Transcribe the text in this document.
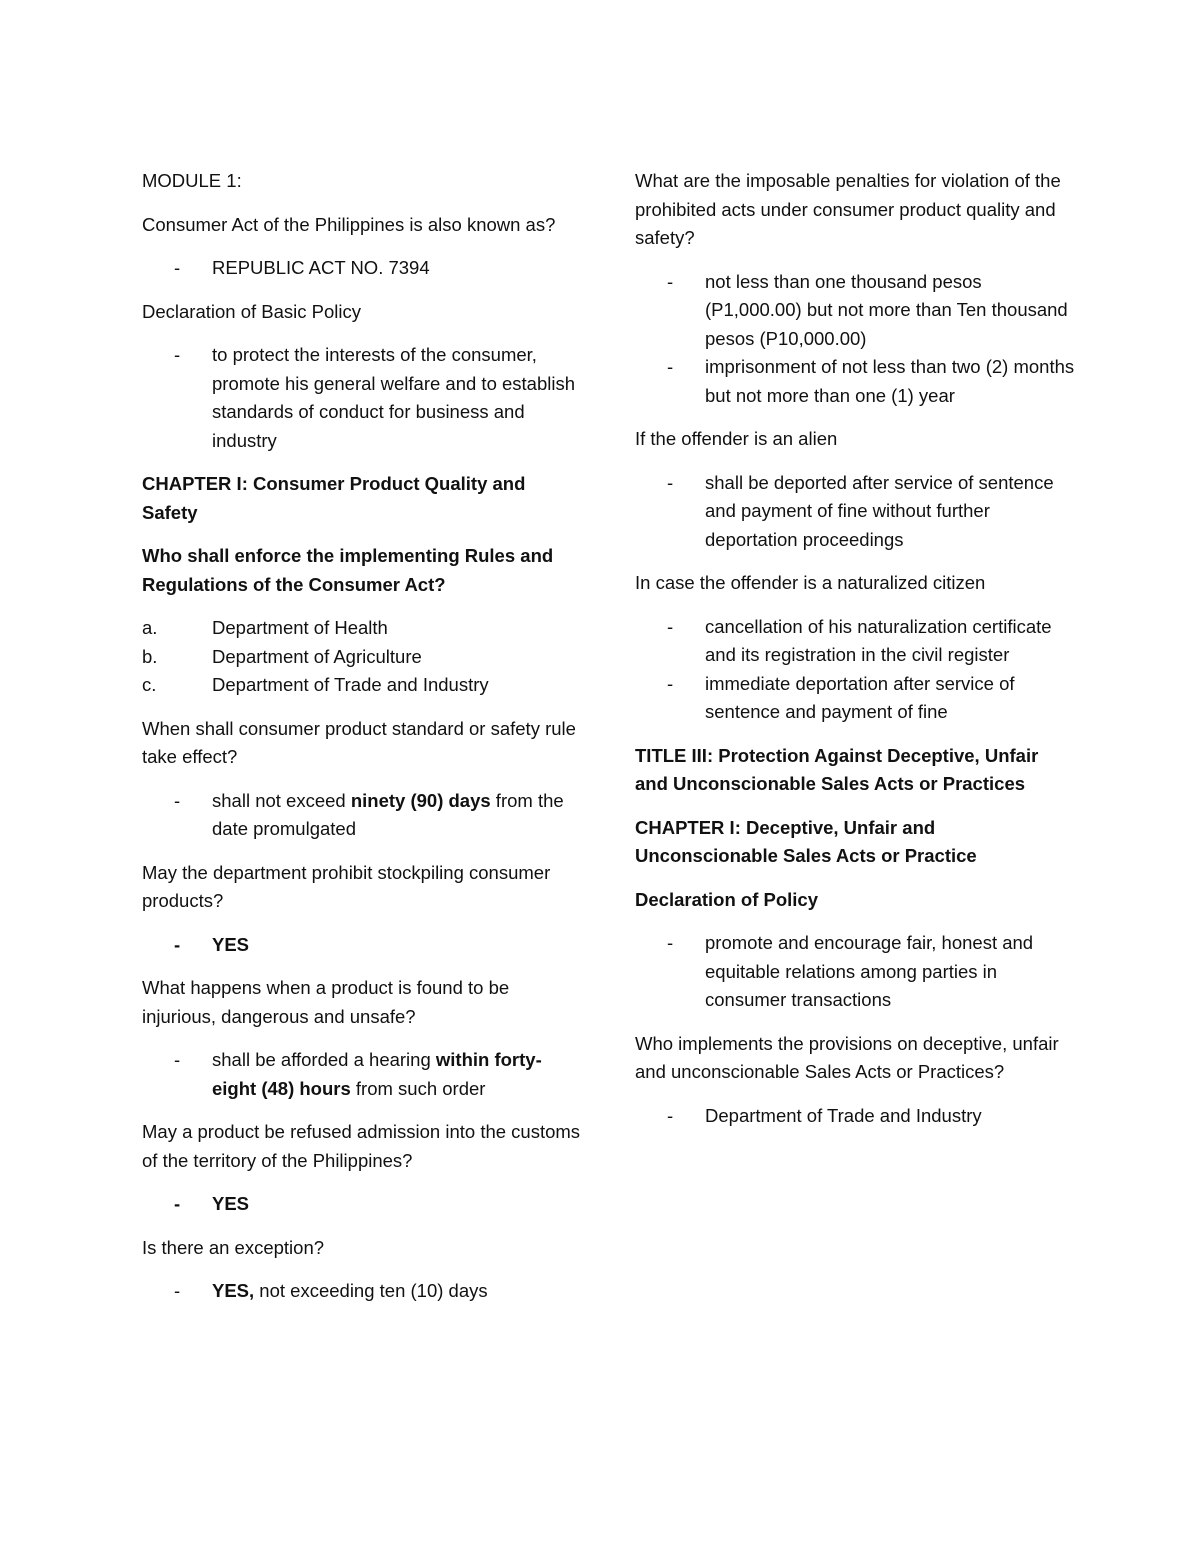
MODULE 1:

Consumer Act of the Philippines is also known as?

- REPUBLIC ACT NO. 7394

Declaration of Basic Policy

- to protect the interests of the consumer, promote his general welfare and to establish standards of conduct for business and industry

CHAPTER I: Consumer Product Quality and Safety

Who shall enforce the implementing Rules and Regulations of the Consumer Act?

a.	Department of Health
b.	Department of Agriculture
c.	Department of Trade and Industry

When shall consumer product standard or safety rule take effect?

- shall not exceed ninety (90) days from the date promulgated

May the department prohibit stockpiling consumer products?

- YES

What happens when a product is found to be injurious, dangerous and unsafe?

- shall be afforded a hearing within forty-eight (48) hours from such order

May a product be refused admission into the customs of the territory of the Philippines?

- YES

Is there an exception?

- YES, not exceeding ten (10) days

What are the imposable penalties for violation of the prohibited acts under consumer product quality and safety?

- not less than one thousand pesos (P1,000.00) but not more than Ten thousand pesos (P10,000.00)
- imprisonment of not less than two (2) months but not more than one (1) year

If the offender is an alien

- shall be deported after service of sentence and payment of fine without further deportation proceedings

In case the offender is a naturalized citizen

- cancellation of his naturalization certificate and its registration in the civil register
- immediate deportation after service of sentence and payment of fine

TITLE III: Protection Against Deceptive, Unfair and Unconscionable Sales Acts or Practices

CHAPTER I: Deceptive, Unfair and Unconscionable Sales Acts or Practice

Declaration of Policy

- promote and encourage fair, honest and equitable relations among parties in consumer transactions

Who implements the provisions on deceptive, unfair and unconscionable Sales Acts or Practices?

- Department of Trade and Industry
